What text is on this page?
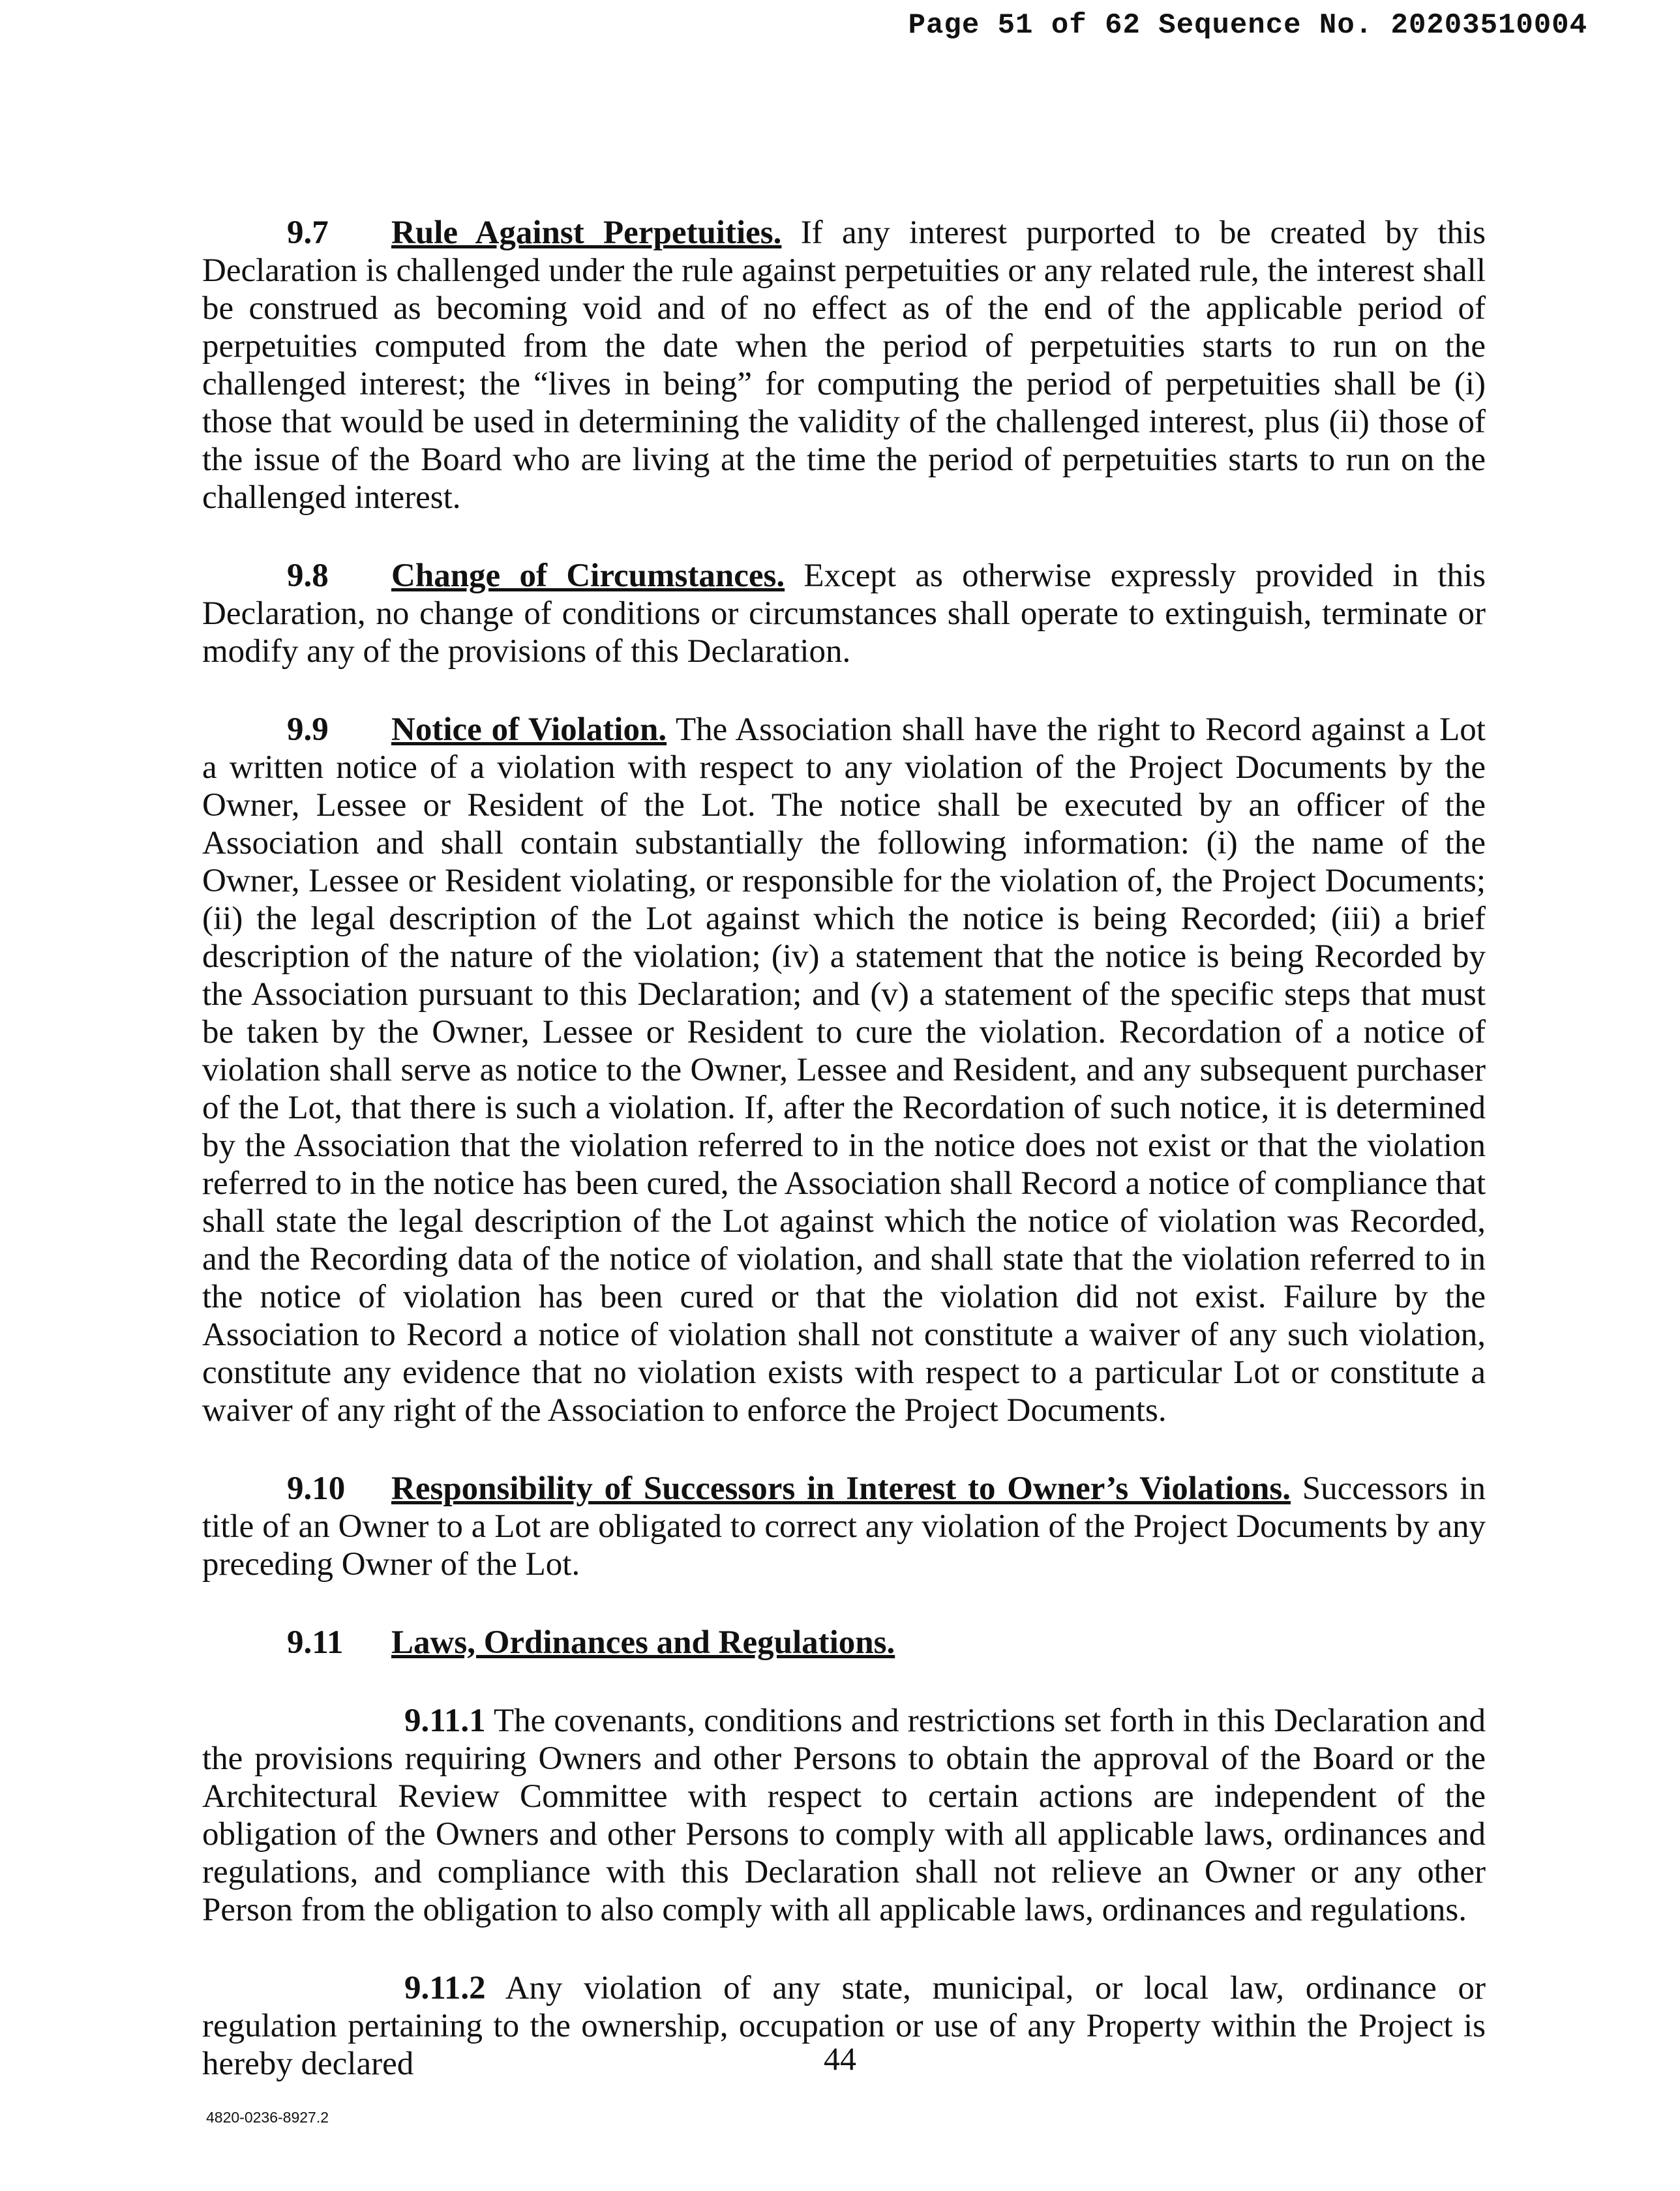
Page 51 of 62 Sequence No. 20203510004

9.7 Rule Against Perpetuities. If any interest purported to be created by this Declaration is challenged under the rule against perpetuities or any related rule, the interest shall be construed as becoming void and of no effect as of the end of the applicable period of perpetuities computed from the date when the period of perpetuities starts to run on the challenged interest; the “lives in being” for computing the period of perpetuities shall be (i) those that would be used in determining the validity of the challenged interest, plus (ii) those of the issue of the Board who are living at the time the period of perpetuities starts to run on the challenged interest.

9.8 Change of Circumstances. Except as otherwise expressly provided in this Declaration, no change of conditions or circumstances shall operate to extinguish, terminate or modify any of the provisions of this Declaration.

9.9 Notice of Violation. The Association shall have the right to Record against a Lot a written notice of a violation with respect to any violation of the Project Documents by the Owner, Lessee or Resident of the Lot. The notice shall be executed by an officer of the Association and shall contain substantially the following information: (i) the name of the Owner, Lessee or Resident violating, or responsible for the violation of, the Project Documents; (ii) the legal description of the Lot against which the notice is being Recorded; (iii) a brief description of the nature of the violation; (iv) a statement that the notice is being Recorded by the Association pursuant to this Declaration; and (v) a statement of the specific steps that must be taken by the Owner, Lessee or Resident to cure the violation. Recordation of a notice of violation shall serve as notice to the Owner, Lessee and Resident, and any subsequent purchaser of the Lot, that there is such a violation. If, after the Recordation of such notice, it is determined by the Association that the violation referred to in the notice does not exist or that the violation referred to in the notice has been cured, the Association shall Record a notice of compliance that shall state the legal description of the Lot against which the notice of violation was Recorded, and the Recording data of the notice of violation, and shall state that the violation referred to in the notice of violation has been cured or that the violation did not exist. Failure by the Association to Record a notice of violation shall not constitute a waiver of any such violation, constitute any evidence that no violation exists with respect to a particular Lot or constitute a waiver of any right of the Association to enforce the Project Documents.

9.10 Responsibility of Successors in Interest to Owner’s Violations. Successors in title of an Owner to a Lot are obligated to correct any violation of the Project Documents by any preceding Owner of the Lot.

9.11 Laws, Ordinances and Regulations.

9.11.1 The covenants, conditions and restrictions set forth in this Declaration and the provisions requiring Owners and other Persons to obtain the approval of the Board or the Architectural Review Committee with respect to certain actions are independent of the obligation of the Owners and other Persons to comply with all applicable laws, ordinances and regulations, and compliance with this Declaration shall not relieve an Owner or any other Person from the obligation to also comply with all applicable laws, ordinances and regulations.

9.11.2 Any violation of any state, municipal, or local law, ordinance or regulation pertaining to the ownership, occupation or use of any Property within the Project is hereby declared	44
4820-0236-8927.2
